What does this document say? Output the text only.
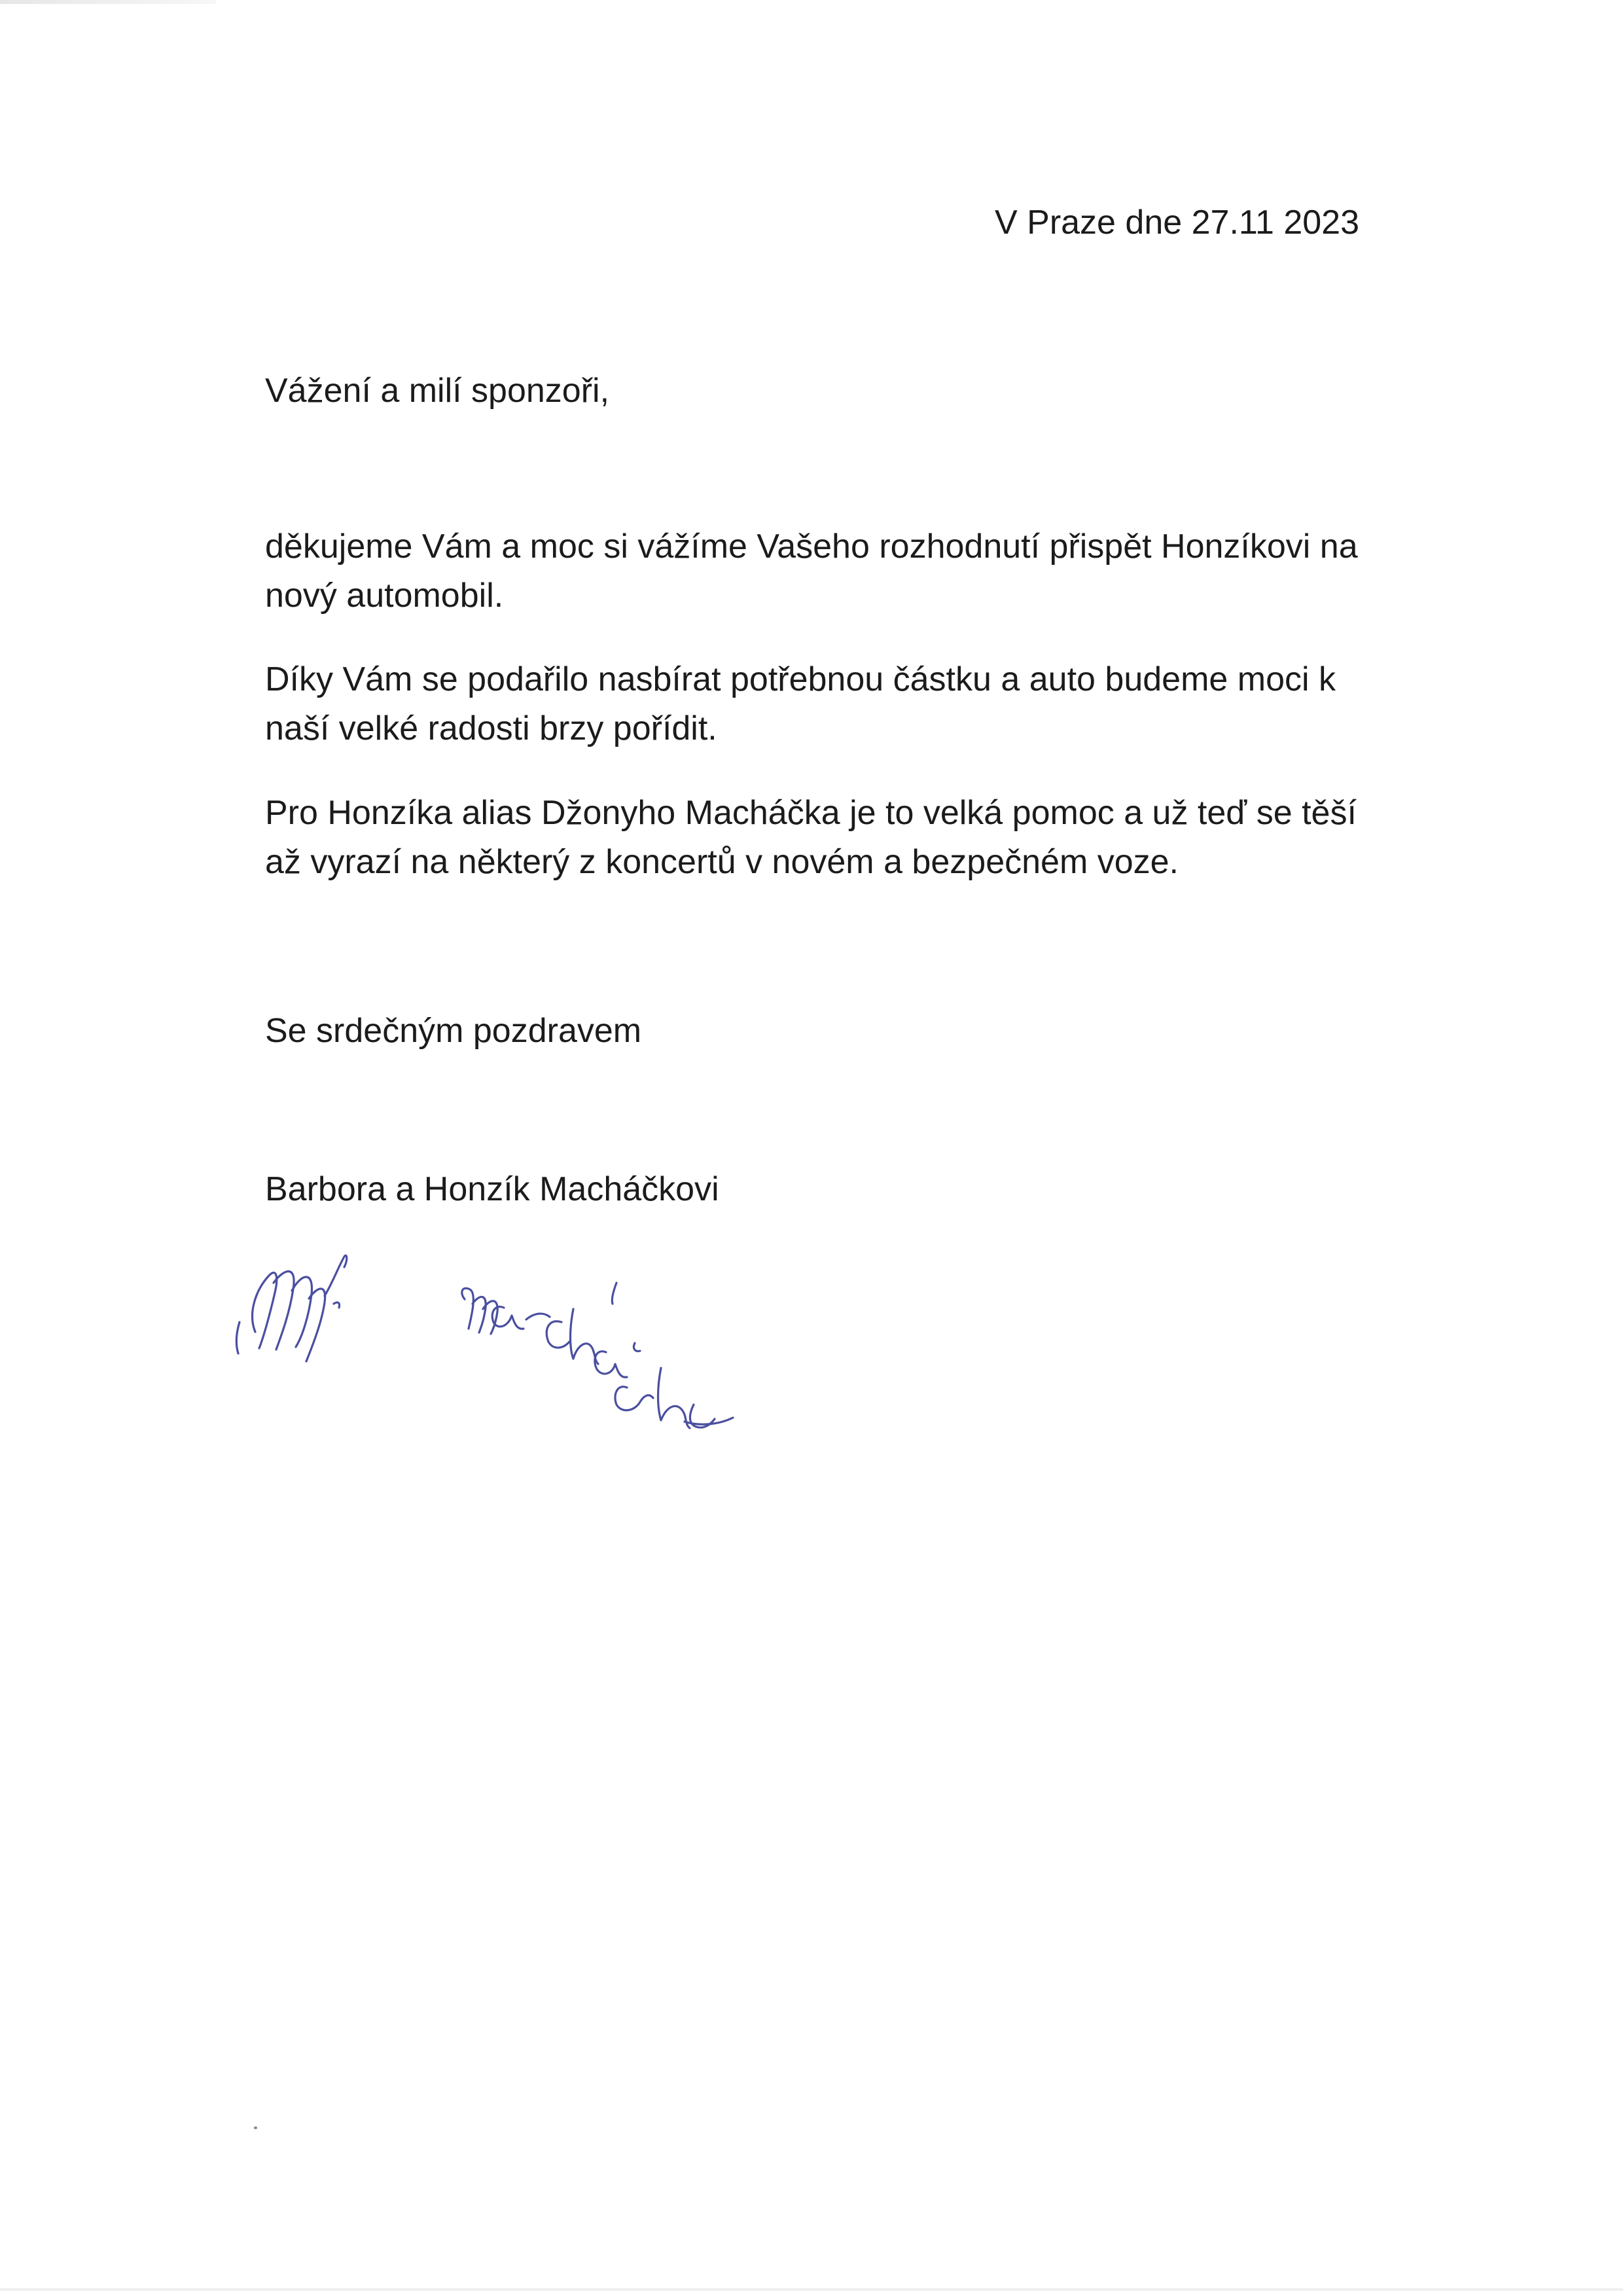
V Praze dne 27.11 2023
Vážení a milí sponzoři,
děkujeme Vám a moc si vážíme Vašeho rozhodnutí přispět Honzíkovi na
nový automobil.
Díky Vám se podařilo nasbírat potřebnou částku a auto budeme moci k
naší velké radosti brzy pořídit.
Pro Honzíka alias Džonyho Macháčka je to velká pomoc a už teď se těší
až vyrazí na některý z koncertů v novém a bezpečném voze.
Se srdečným pozdravem
Barbora a Honzík Macháčkovi
